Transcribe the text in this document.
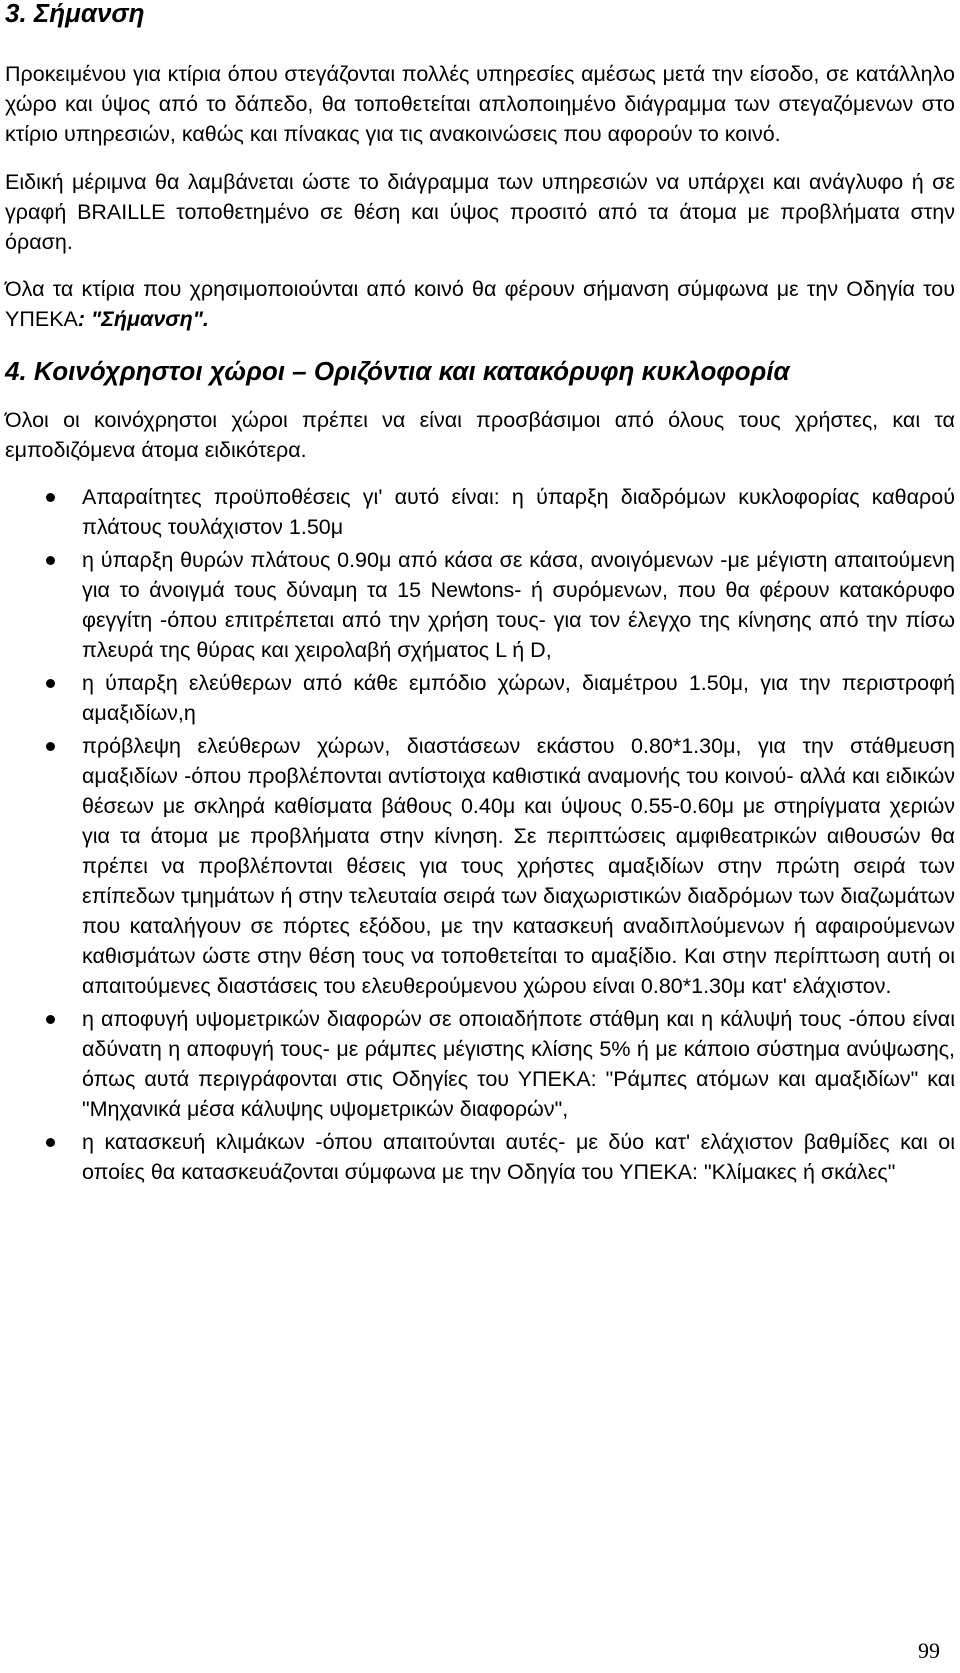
3. Σήμανση

Προκειμένου για κτίρια όπου στεγάζονται πολλές υπηρεσίες αμέσως μετά την είσοδο, σε κατάλληλο χώρο και ύψος από το δάπεδο, θα τοποθετείται απλοποιημένο διάγραμμα των στεγαζόμενων στο κτίριο υπηρεσιών, καθώς και πίνακας για τις ανακοινώσεις που αφορούν το κοινό.

Ειδική μέριμνα θα λαμβάνεται ώστε το διάγραμμα των υπηρεσιών να υπάρχει και ανάγλυφο ή σε γραφή BRAILLE τοποθετημένο σε θέση και ύψος προσιτό από τα άτομα με προβλήματα στην όραση.

Όλα τα κτίρια που χρησιμοποιούνται από κοινό θα φέρουν σήμανση σύμφωνα με την Οδηγία του ΥΠΕΚΑ: "Σήμανση".

4. Κοινόχρηστοι χώροι – Οριζόντια και κατακόρυφη κυκλοφορία

Όλοι οι κοινόχρηστοι χώροι πρέπει να είναι προσβάσιμοι από όλους τους χρήστες, και τα εμποδιζόμενα άτομα ειδικότερα.

Απαραίτητες προϋποθέσεις γι' αυτό είναι: η ύπαρξη διαδρόμων κυκλοφορίας καθαρού πλάτους τουλάχιστον 1.50μ
η ύπαρξη θυρών πλάτους 0.90μ από κάσα σε κάσα, ανοιγόμενων -με μέγιστη απαιτούμενη για το άνοιγμά τους δύναμη τα 15 Newtons- ή συρόμενων, που θα φέρουν κατακόρυφο φεγγίτη -όπου επιτρέπεται από την χρήση τους- για τον έλεγχο της κίνησης από την πίσω πλευρά της θύρας και χειρολαβή σχήματος L ή D,
η ύπαρξη ελεύθερων από κάθε εμπόδιο χώρων, διαμέτρου 1.50μ, για την περιστροφή αμαξιδίων,η
πρόβλεψη ελεύθερων χώρων, διαστάσεων εκάστου 0.80*1.30μ, για την στάθμευση αμαξιδίων -όπου προβλέπονται αντίστοιχα καθιστικά αναμονής του κοινού- αλλά και ειδικών θέσεων με σκληρά καθίσματα βάθους 0.40μ και ύψους 0.55-0.60μ με στηρίγματα χεριών για τα άτομα με προβλήματα στην κίνηση. Σε περιπτώσεις αμφιθεατρικών αιθουσών θα πρέπει να προβλέπονται θέσεις για τους χρήστες αμαξιδίων στην πρώτη σειρά των επίπεδων τμημάτων ή στην τελευταία σειρά των διαχωριστικών διαδρόμων των διαζωμάτων που καταλήγουν σε πόρτες εξόδου, με την κατασκευή αναδιπλούμενων ή αφαιρούμενων καθισμάτων ώστε στην θέση τους να τοποθετείται το αμαξίδιο. Και στην περίπτωση αυτή οι απαιτούμενες διαστάσεις του ελευθερούμενου χώρου είναι 0.80*1.30μ κατ' ελάχιστον.
η αποφυγή υψομετρικών διαφορών σε οποιαδήποτε στάθμη και η κάλυψή τους -όπου είναι αδύνατη η αποφυγή τους- με ράμπες μέγιστης κλίσης 5% ή με κάποιο σύστημα ανύψωσης, όπως αυτά περιγράφονται στις Οδηγίες του ΥΠΕΚΑ: "Ράμπες ατόμων και αμαξιδίων" και "Μηχανικά μέσα κάλυψης υψομετρικών διαφορών",
η κατασκευή κλιμάκων -όπου απαιτούνται αυτές- με δύο κατ' ελάχιστον βαθμίδες και οι οποίες θα κατασκευάζονται σύμφωνα με την Οδηγία του ΥΠΕΚΑ: "Κλίμακες ή σκάλες"
99
